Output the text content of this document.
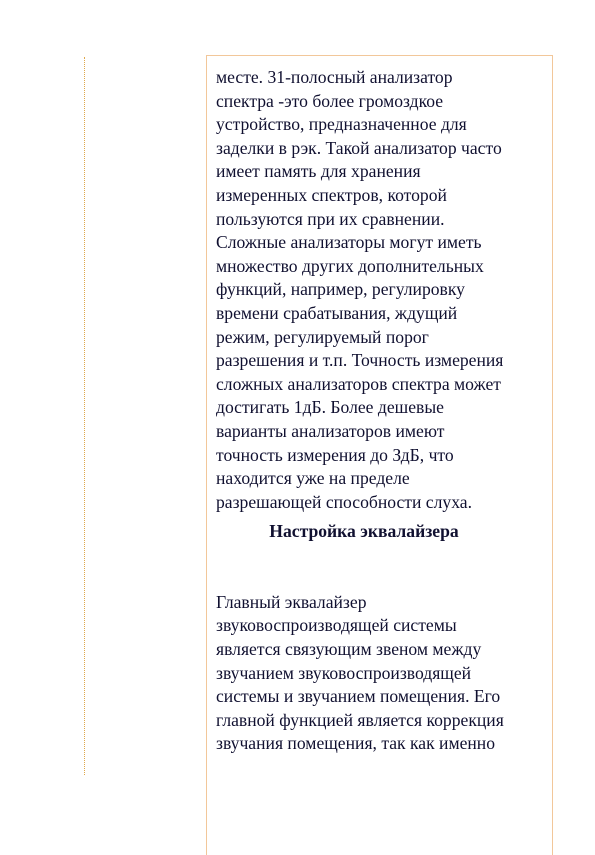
месте. 31-полосный анализатор
спектра -это более громоздкое
устройство, предназначенное для
заделки в рэк. Такой анализатор часто
имеет память для хранения
измеренных спектров, которой
пользуются при их сравнении.
Сложные анализаторы могут иметь
множество других дополнительных
функций, например, регулировку
времени срабатывания, ждущий
режим, регулируемый порог
разрешения и т.п. Точность измерения
сложных анализаторов спектра может
достигать 1дБ. Более дешевые
варианты анализаторов имеют
точность измерения до ЗдБ, что
находится уже на пределе
разрешающей способности слуха.

Настройка эквалайзера

Главный эквалайзер
звуковоспроизводящей системы
является связующим звеном между
звучанием звуковоспроизводящей
системы и звучанием помещения. Его
главной функцией является коррекция
звучания помещения, так как именно
